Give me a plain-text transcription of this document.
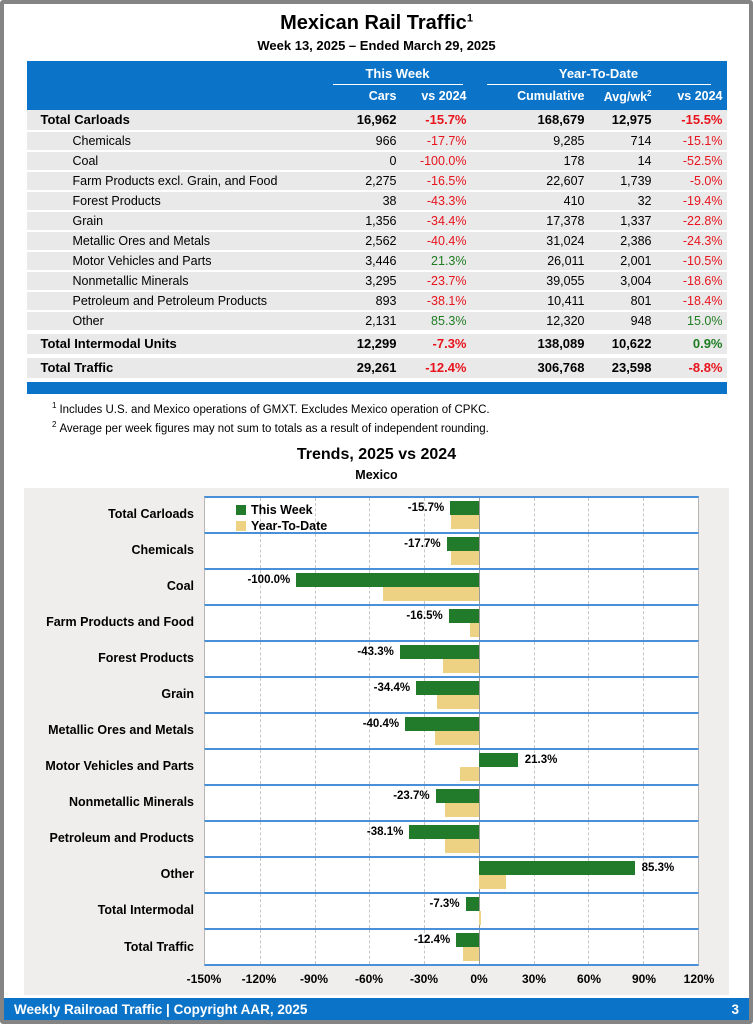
Mexican Rail Traffic$^1$
Week 13, 2025 – Ended March 29, 2025
This Week	Year-To-Date
Cars	vs 2024	Cumulative	Avg/$wk^2$	vs 2024
Total Carloads	16,962	-15.7%	168,679	12,975	-15.5%
Chemicals	966	-17.7%	9,285	714	-15.1%
Coal	0	-100.0%	178	14	-52.5%
Farm Products excl. Grain, and Food	2,275	-16.5%	22,607	1,739	-5.0%
Forest Products	38	-43.3%	410	32	-19.4%
Grain	1,356	-34.4%	17,378	1,337	-22.8%
Metallic Ores and Metals	2,562	-40.4%	31,024	2,386	-24.3%
Motor Vehicles and Parts	3,446	21.3%	26,011	2,001	-10.5%
Nonmetallic Minerals	3,295	-23.7%	39,055	3,004	-18.6%
Petroleum and Petroleum Products	893	-38.1%	10,411	801	-18.4%
Other	2,131	85.3%	12,320	948	15.0%
Total Intermodal Units	12,299	-7.3%	138,089	10,622	0.9%
Total Traffic	29,261	-12.4%	306,768	23,598	-8.8%
$^1$ Includes U.S. and Mexico operations of GMXT. Excludes Mexico operation of CPKC.
$^2$ Average per week figures may not sum to totals as a result of independent rounding.
Trends, 2025 vs 2024
Mexico
This Week
Year-To-Date
Total Carloads	-15.7%
Chemicals	-17.7%
Coal	-100.0%
Farm Products and Food	-16.5%
Forest Products	-43.3%
Grain	-34.4%
Metallic Ores and Metals	-40.4%
Motor Vehicles and Parts	21.3%
Nonmetallic Minerals	-23.7%
Petroleum and Products	-38.1%
Other	85.3%
Total Intermodal	-7.3%
Total Traffic	-12.4%
-150% -120% -90% -60% -30%	0%	30%	60%	90% 120%
Weekly Railroad Traffic | Copyright AAR, 2025	3
